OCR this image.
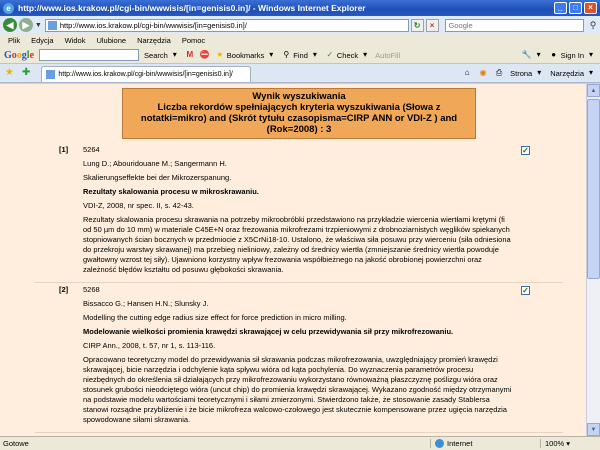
e http://www.ios.krakow.pl/cgi-bin/wwwisis/[in=genisis0.in]/ - Windows Internet Explorer	_	□	×
◀	▶ ▼ http://www.ios.krakow.pl/cgi-bin/wwwisis/[in=genisis0.in]/	↻	×	Google	⚲
Plik Edycja Widok Ulubione Narzędzia Pomoc
Google	Search ▾	M ⛔ ★ Bookmarks ▾	⚲ Find ▾	✓ Check ▾	AutoFill	🔧 ▾	● Sign In ▾
★ ✚	http://www.ios.krakow.pl/cgi-bin/wwwisis/[in=genisis0.in]/	⌂	◉ ⎙ Strona ▾	Narzędzia ▾
Wynik wyszukiwania
Liczba rekordów spełniających kryteria wyszukiwania (Słowa z notatki=mikro) and (Skrót tytułu czasopisma=CIRP ANN or VDI-Z ) and (Rok=2008) : 3
[1]	5264

Lung D.; Abouridouane M.; Sangermann H.

Skalierungseffekte bei der Mikrozerspanung.

Rezultaty skalowania procesu w mikroskrawaniu.

VDI-Z, 2008, nr spec. II, s. 42-43.

Rezultaty skalowania procesu skrawania na potrzeby mikroobróbki przedstawiono na przykładzie wiercenia wiertłami krętymi (fi od 50 µm do 10 mm) w materiale C45E+N oraz frezowania mikrofrezami trzpieniowymi z drobnoziarnistych węglików spiekanych stopniowanych ścian bocznych w przedmiocie z X5CrNi18-10. Ustalono, że właściwa siła posuwu przy wierceniu (siła odniesiona do przekroju warstwy skrawanej) ma przebieg nieliniowy, zależny od średnicy wiertła (zmniejszanie średnicy wiertła powoduje gwałtowny wzrost tej siły). Ujawniono korzystny wpływ frezowania współbieżnego na jakość obrobionej powierzchni oraz zależność błędów kształtu od posuwu głębokości skrawania.

✓
[2]	5268

Bissacco G.; Hansen H.N.; Slunsky J.

Modelling the cutting edge radius size effect for force prediction in micro milling.

Modelowanie wielkości promienia krawędzi skrawającej w celu przewidywania sił przy mikrofrezowaniu.

CIRP Ann., 2008, t. 57, nr 1, s. 113-116.

Opracowano teoretyczny model do przewidywania sił skrawania podczas mikrofrezowania, uwzględniający promień krawędzi skrawającej, bicie narzędzia i odchylenie kąta spływu wióra od kąta pochylenia. Do wyznaczenia parametrów procesu niezbędnych do określenia sił działających przy mikrofrezowaniu wykorzystano równoważną płaszczyznę poślizgu wióra oraz stosunek grubości nieodciętego wióra (uncut chip) do promienia krawędzi skrawającej. Wykazano zgodność między otrzymanymi na podstawie modelu wartościami teoretycznymi i siłami zmierzonymi. Stwierdzono także, że stosowanie zasady Stablersa stanowi rozsądne przybliżenie i że bicie mikrofreza walcowo-czołowego jest skutecznie kompensowane przez ugięcia narzędzia spowodowane siłami skrawania.

✓
▲
▼
Gotowe	Internet	100% ▾
